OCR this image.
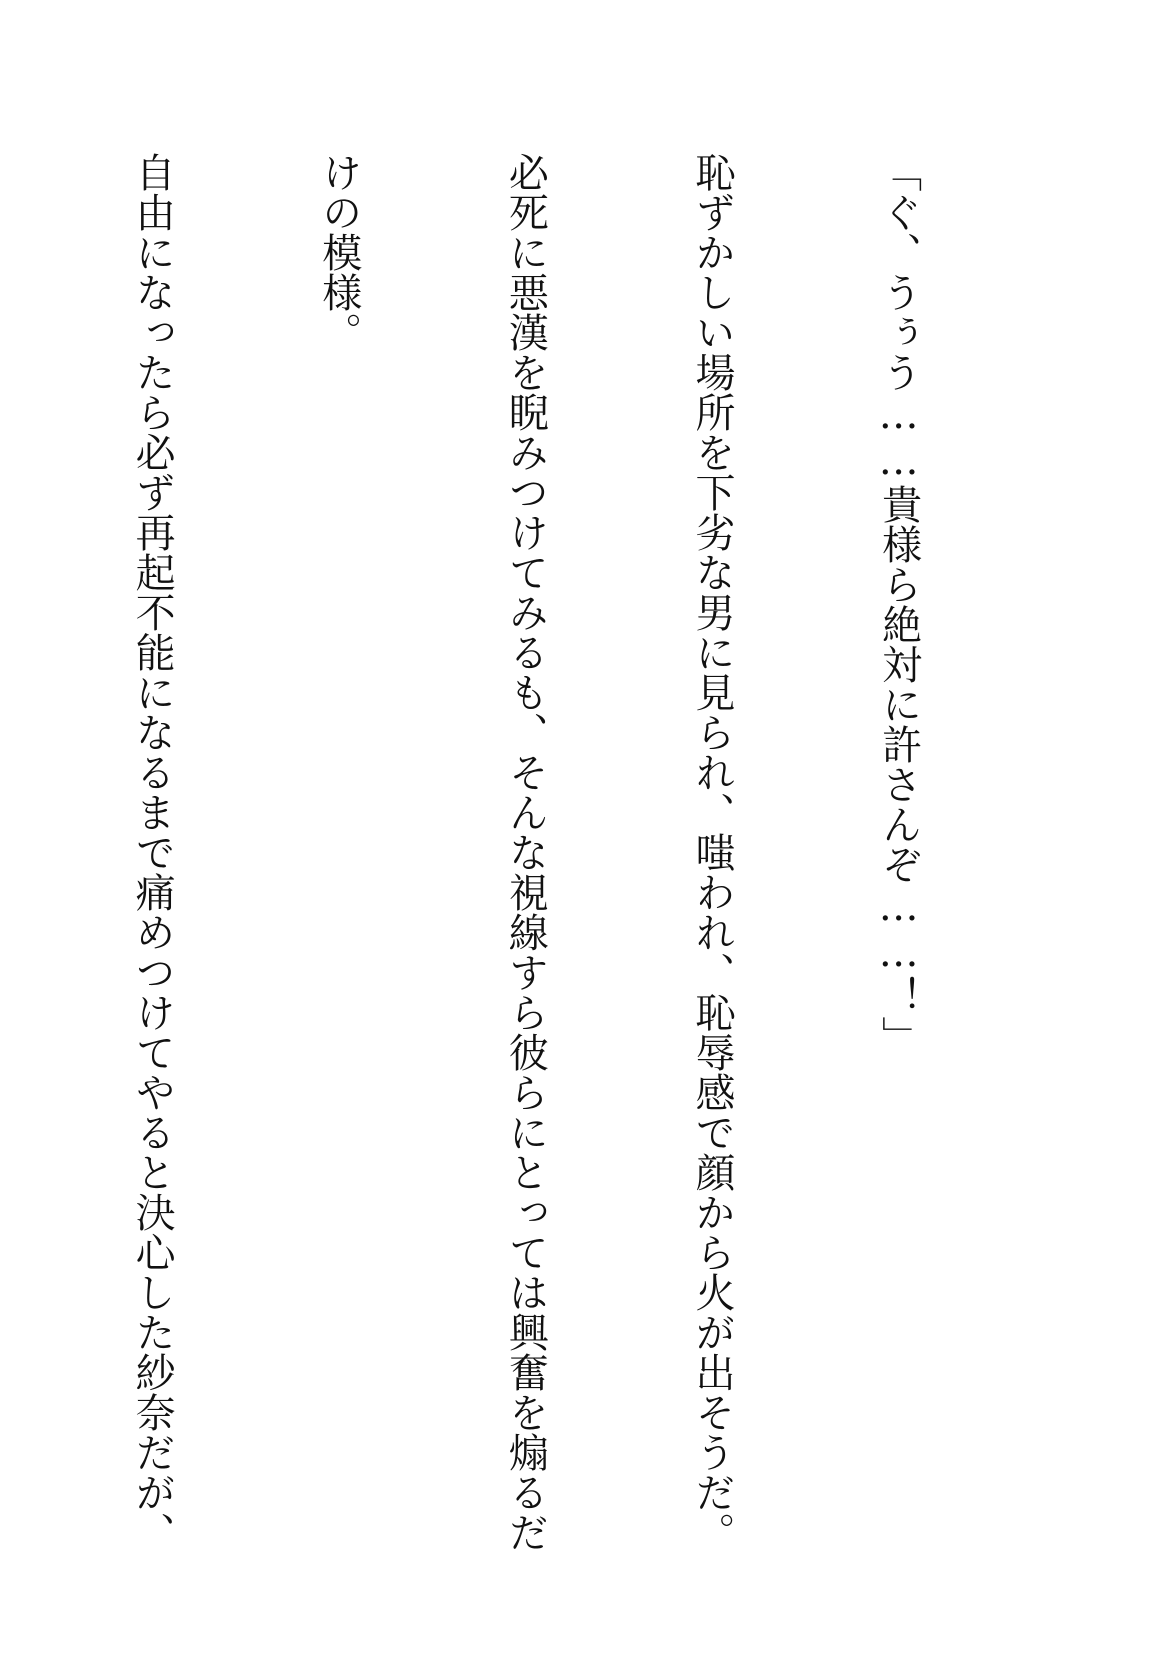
「ぐ、うぅう……貴様ら絶対に許さんぞ……！」

恥ずかしい場所を下劣な男に見られ、嗤われ、恥辱感で顔から火が出そうだ。

必死に悪漢を睨みつけてみるも、そんな視線すら彼らにとっては興奮を煽るだ

けの模様。

自由になったら必ず再起不能になるまで痛めつけてやると決心した紗奈だが、
